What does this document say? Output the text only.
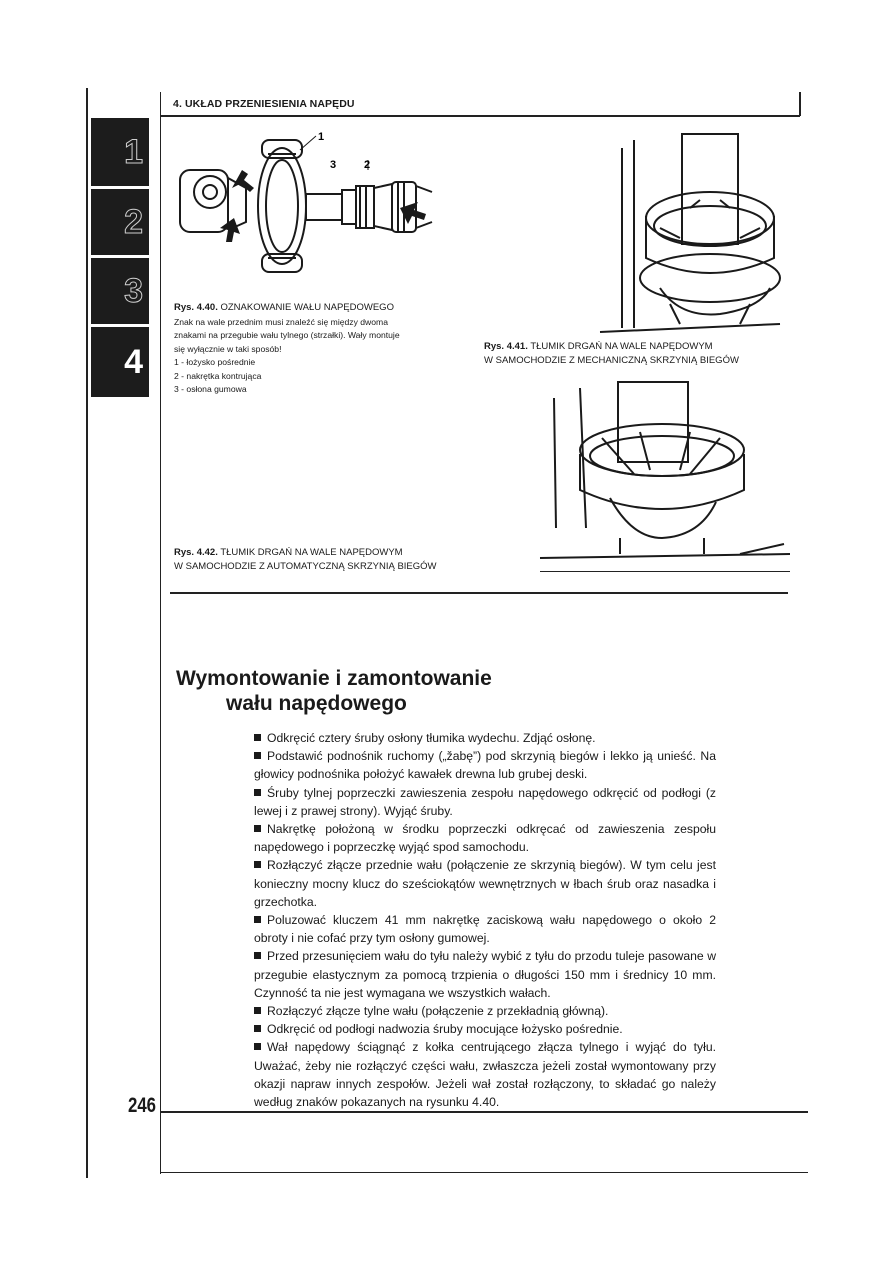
4. UKŁAD PRZENIESIENIA NAPĘDU
1
2
3
4
1
3	2
Rys. 4.40. OZNAKOWANIE WAŁU NAPĘDOWEGO
Znak na wale przednim musi znaleźć się między dwoma
znakami na przegubie wału tylnego (strzałki). Wały montuje
się wyłącznie w taki sposób!
1 - łożysko pośrednie
2 - nakrętka kontrująca
3 - osłona gumowa
Rys. 4.41. TŁUMIK DRGAŃ NA WALE NAPĘDOWYM
W SAMOCHODZIE Z MECHANICZNĄ SKRZYNIĄ BIEGÓW
Rys. 4.42. TŁUMIK DRGAŃ NA WALE NAPĘDOWYM
W SAMOCHODZIE Z AUTOMATYCZNĄ SKRZYNIĄ BIEGÓW
Wymontowanie i zamontowanie
wału napędowego

Odkręcić cztery śruby osłony tłumika wydechu. Zdjąć osłonę.

Podstawić podnośnik ruchomy („žabę”) pod skrzynią biegów i lekko ją unieść. Na głowicy podnośnika położyć kawałek drewna lub grubej deski.

Śruby tylnej poprzeczki zawieszenia zespołu napędowego odkręcić od podłogi (z lewej i z prawej strony). Wyjąć śruby.

Nakrętkę położoną w środku poprzeczki odkręcać od zawieszenia zespołu napędowego i poprzeczkę wyjąć spod samochodu.

Rozłączyć złącze przednie wału (połączenie ze skrzynią biegów). W tym celu jest konieczny mocny klucz do sześciokątów wewnętrznych w łbach śrub oraz nasadka i grzechotka.

Poluzować kluczem 41 mm nakrętkę zaciskową wału napędowego o około 2 obroty i nie cofać przy tym osłony gumowej.

Przed przesunięciem wału do tyłu należy wybić z tyłu do przodu tuleje pasowane w przegubie elastycznym za pomocą trzpienia o długości 150 mm i średnicy 10 mm. Czynność ta nie jest wymagana we wszystkich wałach.

Rozłączyć złącze tylne wału (połączenie z przekładnią główną).

Odkręcić od podłogi nadwozia śruby mocujące łożysko pośrednie.

Wał napędowy ściągnąć z kołka centrującego złącza tylnego i wyjąć do tyłu. Uważać, żeby nie rozłączyć części wału, zwłaszcza jeżeli został wymontowany przy okazji napraw innych zespołów. Jeżeli wał został rozłączony, to składać go należy według znaków pokazanych na rysunku 4.40.

246
